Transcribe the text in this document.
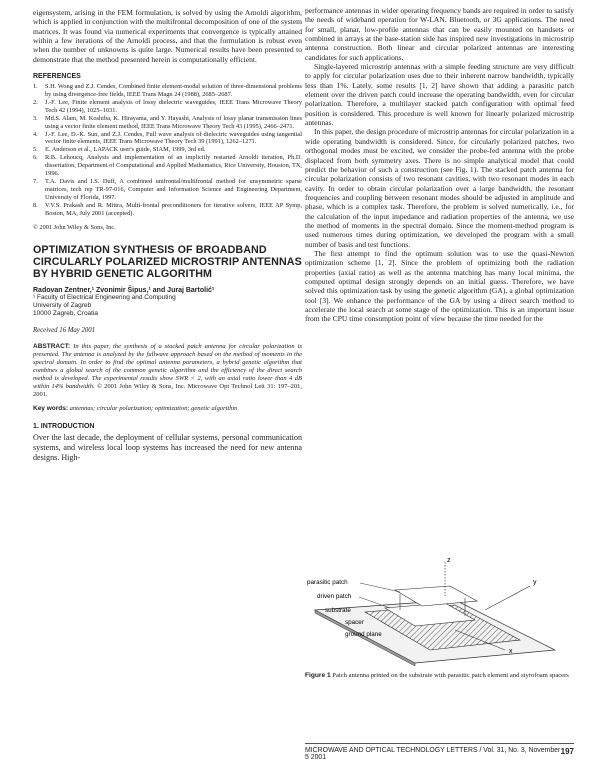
eigensystem, arising in the FEM formulation, is solved by using the Arnoldi algorithm, which is applied in conjunction with the multifrontal decomposition of one of the system matrices. It was found via numerical experiments that convergence is typically attained within a few iterations of the Arnoldi process, and that the formulation is robust even when the number of unknowns is quite large. Numerical results have been presented to demonstrate that the method presented herein is computationally efficient.

REFERENCES
1. S.H. Wong and Z.J. Cendes, Combined finite element-modal solution of three-dimensional problems by using divergence-free fields, IEEE Trans Magn 24 (1988), 2685–2687.
2. J.-F. Lee, Finite element analysis of lossy dielectric waveguides, IEEE Trans Microwave Theory Tech 42 (1994), 1025–1031.
3. Md.S. Alam, M. Koshiba, K. Hirayama, and Y. Hayashi, Analysis of lossy planar transmission lines using a vector finite element method, IEEE Trans Microwave Theory Tech 43 (1995), 2466–2471.
4. J.-F. Lee, D.-K. Sun, and Z.J. Cendes, Full wave analysis of dielectric waveguides using tangential vector finite elements, IEEE Trans Microwave Theory Tech 39 (1991), 1262–1271.
5. E. Anderson et al., LAPACK user's guide, SIAM, 1999, 3rd ed.
6. R.B. Lehoucq, Analysis and implementation of an implicitly restarted Arnoldi iteration, Ph.D. dissertation, Department of Computational and Applied Mathematics, Rice University, Houston, TX, 1996.
7. T.A. Davis and I.S. Duff, A combined unifrontal/multifrontal method for unsymmetric sparse matrices, tech rep TR-97-016, Computer and Information Science and Engineering Department, University of Florida, 1997.
8. V.V.S. Prakash and R. Mittra, Multi-frontal preconditioners for iterative solvers, IEEE AP Symp, Boston, MA, July 2001 (accepted).
© 2001 John Wiley & Sons, Inc.
OPTIMIZATION SYNTHESIS OF BROADBAND CIRCULARLY POLARIZED MICROSTRIP ANTENNAS BY HYBRID GENETIC ALGORITHM
Radovan Zentner,¹ Zvonimir Šipus,¹ and Juraj Bartolić¹
¹ Faculty of Electrical Engineering and Computing
University of Zagreb
10000 Zagreb, Croatia
Received 16 May 2001
ABSTRACT: In this paper, the synthesis of a stacked patch antenna for circular polarization is presented. The antenna is analyzed by the fullwave approach based on the method of moments in the spectral domain. In order to find the optimal antenna parameters, a hybrid genetic algorithm that combines a global search of the common genetic algorithm and the efficiency of the direct search method is developed. The experimental results show SWR < 2, with an axial ratio lower than 4 dB within 14% bandwidth. © 2001 John Wiley & Sons, Inc. Microwave Opt Technol Lett 31: 197–201, 2001.
Key words: antennas; circular polarization; optimization; genetic algorithm
1. INTRODUCTION

Over the last decade, the deployment of cellular systems, personal communication systems, and wireless local loop systems has increased the need for new antenna designs. High-

performance antennas in wider operating frequency bands are required in order to satisfy the needs of wideband operation for W-LAN, Bluetooth, or 3G applications. The need for small, planar, low-profile antennas that can be easily mounted on handsets or combined in arrays at the base-station side has inspired new investigations in microstrip antenna construction. Both linear and circular polarized antennas are interesting candidates for such applications.

Single-layered microstrip antennas with a simple feeding structure are very difficult to apply for circular polarization uses due to their inherent narrow bandwidth, typically less than 1%. Lately, some results [1, 2] have shown that adding a parasitic patch element over the driven patch could increase the operating bandwidth, even for circular polarization. Therefore, a multilayer stacked patch configuration with optimal feed position is considered. This procedure is well known for linearly polarized microstrip antennas.

In this paper, the design procedure of microstrip antennas for circular polarization in a wide operating bandwidth is considered. Since, for circularly polarized patches, two orthogonal modes must be excited, we consider the probe-fed antenna with the probe displaced from both symmetry axes. There is no simple analytical model that could predict the behavior of such a construction (see Fig. 1). The stacked patch antenna for circular polarization consists of two resonant cavities, with two resonant modes in each cavity. In order to obtain circular polarization over a large bandwidth, the resonant frequencies and coupling between resonant modes should be adjusted in amplitude and phase, which is a complex task. Therefore, the problem is solved numerically, i.e., for the calculation of the input impedance and radiation properties of the antenna, we use the method of moments in the spectral domain. Since the moment-method program is used numerous times during optimization, we developed the program with a small number of basis and test functions.

The first attempt to find the optimum solution was to use the quasi-Newton optimization scheme [1, 2]. Since the problem of optimizing both the radiation properties (axial ratio) as well as the antenna matching has many local minima, the computed optimal design strongly depends on an initial guess. Therefore, we have solved this optimization task by using the genetic algorithm (GA), a global optimization tool [3]. We enhance the performance of the GA by using a direct search method to accelerate the local search at some stage of the optimization. This is an important issue from the CPU time consumption point of view because the time needed for the

z
y
x
parasitic patch
driven patch
substrate
spacer
ground plane
Figure 1 Patch antenna printed on the substrate with parasitic patch element and styrofoam spacers
MICROWAVE AND OPTICAL TECHNOLOGY LETTERS / Vol. 31, No. 3, November 5 2001
197
